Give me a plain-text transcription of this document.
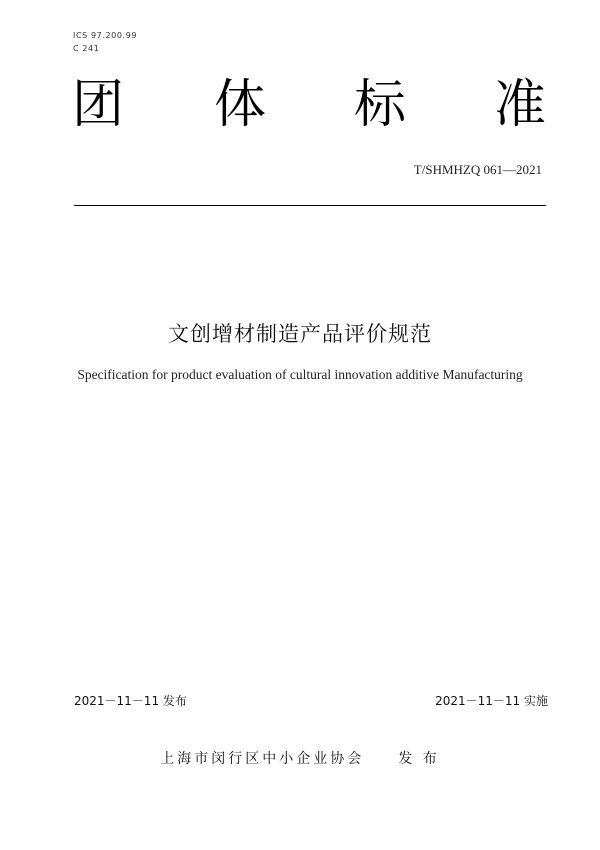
ICS 97.200.99
C 241
团 体 标 准
T/SHMHZQ 061—2021
文创增材制造产品评价规范
Specification for product evaluation of cultural innovation additive Manufacturing
2021－11－11 发布	2021－11－11 实施
上海市闵行区中小企业协会 发 布
